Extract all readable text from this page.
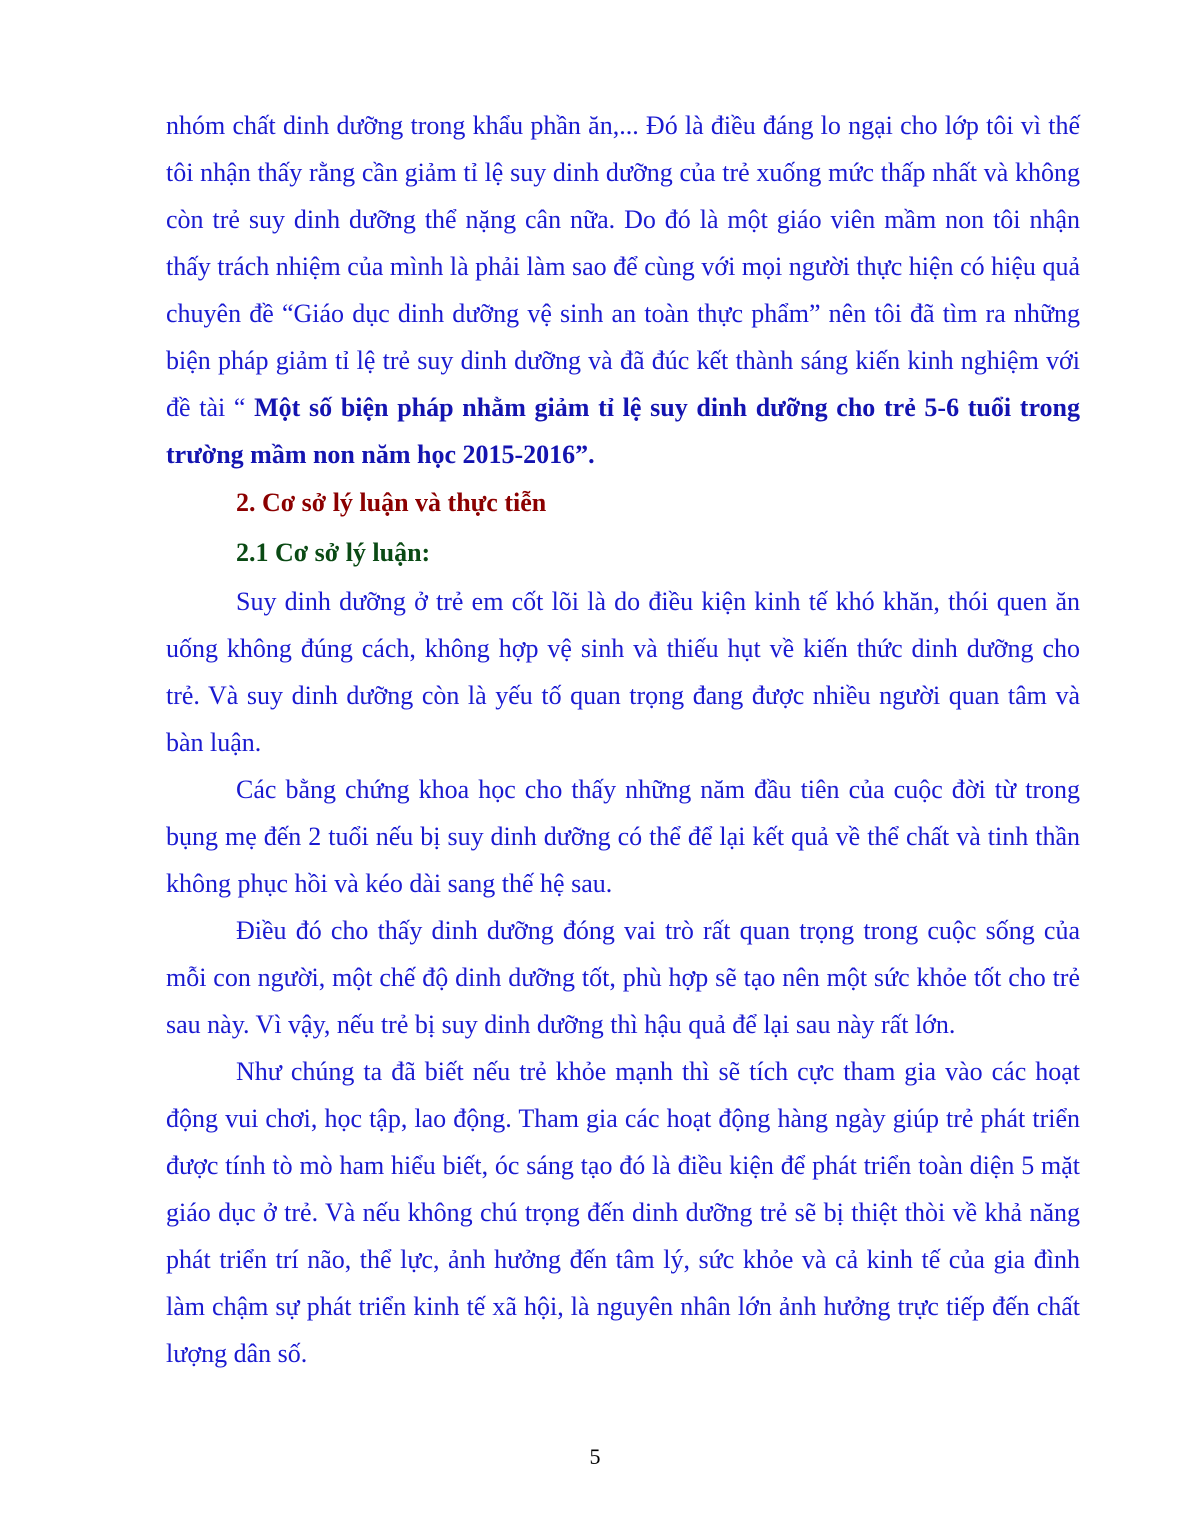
nhóm chất dinh dưỡng trong khẩu phần ăn,... Đó là điều đáng lo ngại cho lớp tôi vì thế tôi nhận thấy rằng cần giảm tỉ lệ suy dinh dưỡng của trẻ xuống mức thấp nhất và không còn trẻ suy dinh dưỡng thể nặng cân nữa. Do đó là một giáo viên mầm non tôi nhận thấy trách nhiệm của mình là phải làm sao để cùng với mọi người thực hiện có hiệu quả chuyên đề “Giáo dục dinh dưỡng vệ sinh an toàn thực phẩm” nên tôi đã tìm ra những biện pháp giảm tỉ lệ trẻ suy dinh dưỡng và đã đúc kết thành sáng kiến kinh nghiệm với đề tài “ Một số biện pháp nhằm giảm tỉ lệ suy dinh dưỡng cho trẻ 5-6 tuổi trong trường mầm non năm học 2015-2016”.

2. Cơ sở lý luận và thực tiễn

2.1 Cơ sở lý luận:

Suy dinh dưỡng ở trẻ em cốt lõi là do điều kiện kinh tế khó khăn, thói quen ăn uống không đúng cách, không hợp vệ sinh và thiếu hụt về kiến thức dinh dưỡng cho trẻ. Và suy dinh dưỡng còn là yếu tố quan trọng đang được nhiều người quan tâm và bàn luận.

Các bằng chứng khoa học cho thấy những năm đầu tiên của cuộc đời từ trong bụng mẹ đến 2 tuổi nếu bị suy dinh dưỡng có thể để lại kết quả về thể chất và tinh thần không phục hồi và kéo dài sang thế hệ sau.

Điều đó cho thấy dinh dưỡng đóng vai trò rất quan trọng trong cuộc sống của mỗi con người, một chế độ dinh dưỡng tốt, phù hợp sẽ tạo nên một sức khỏe tốt cho trẻ sau này. Vì vậy, nếu trẻ bị suy dinh dưỡng thì hậu quả để lại sau này rất lớn.

Như chúng ta đã biết nếu trẻ khỏe mạnh thì sẽ tích cực tham gia vào các hoạt động vui chơi, học tập, lao động. Tham gia các hoạt động hàng ngày giúp trẻ phát triển được tính tò mò ham hiểu biết, óc sáng tạo đó là điều kiện để phát triển toàn diện 5 mặt giáo dục ở trẻ. Và nếu không chú trọng đến dinh dưỡng trẻ sẽ bị thiệt thòi về khả năng phát triển trí não, thể lực, ảnh hưởng đến tâm lý, sức khỏe và cả kinh tế của gia đình làm chậm sự phát triển kinh tế xã hội, là nguyên nhân lớn ảnh hưởng trực tiếp đến chất lượng dân số.

5
